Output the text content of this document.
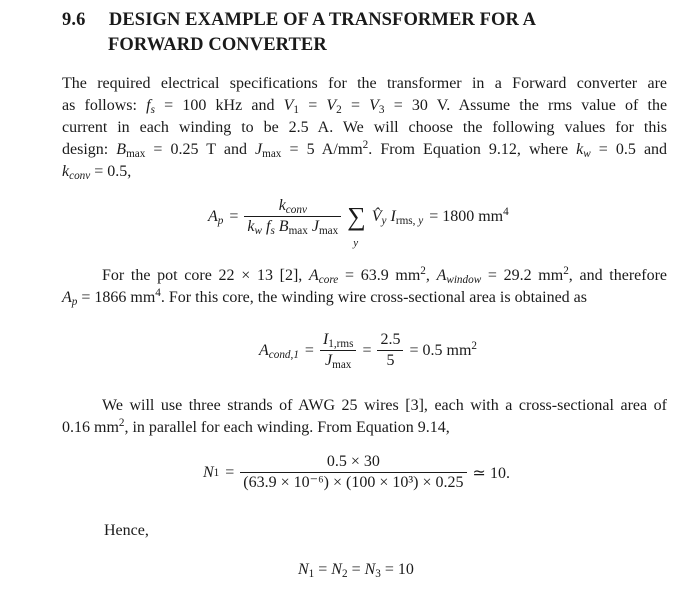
9.6 DESIGN EXAMPLE OF A TRANSFORMER FOR A
FORWARD CONVERTER
The required electrical specifications for the transformer in a Forward converter are
as follows: $f_s = 100$ kHz and $V_1 = V_2 = V_3 = 30$ V. Assume the rms value of the
current in each winding to be 2.5 A. We will choose the following values for this
design: $B_{max} = 0.25$ T and $J_{max} = 5$ $A/mm^2$. From Equation 9.12, where $k_w = 0.5$ and
$k_{conv} = 0.5$,
$A_p = \frac{k_{conv}}{k_w f_s B_{max} J_{max}}$ ∑
y
$V̂_y$ $I_{rms, y} = 1800$ $mm^4$
For the pot core 22 × 13 [2], $A_{core} = 63.9$ $mm^2$, $A_{window} = 29.2$ $mm^2$, and therefore
$A_p = 1866$ $mm^4$. For this core, the winding wire cross-sectional area is obtained as
$A_{cond,1} = \frac{I_{1,rms}}{J_{max}} = \frac{2.5}{5} = 0.5$ $mm^2$
We will use three strands of AWG 25 wires [3], each with a cross-sectional area of
0.16 $mm^2$, in parallel for each winding. From Equation 9.14,
N $1 = \frac{0.5 \times 30}{\text{(63.9 × 10⁻⁶) × (100 × 10³) × 0.25}}$ ≃ 10.
Hence,
$N_1 = N_2 = N_3 = 10$
